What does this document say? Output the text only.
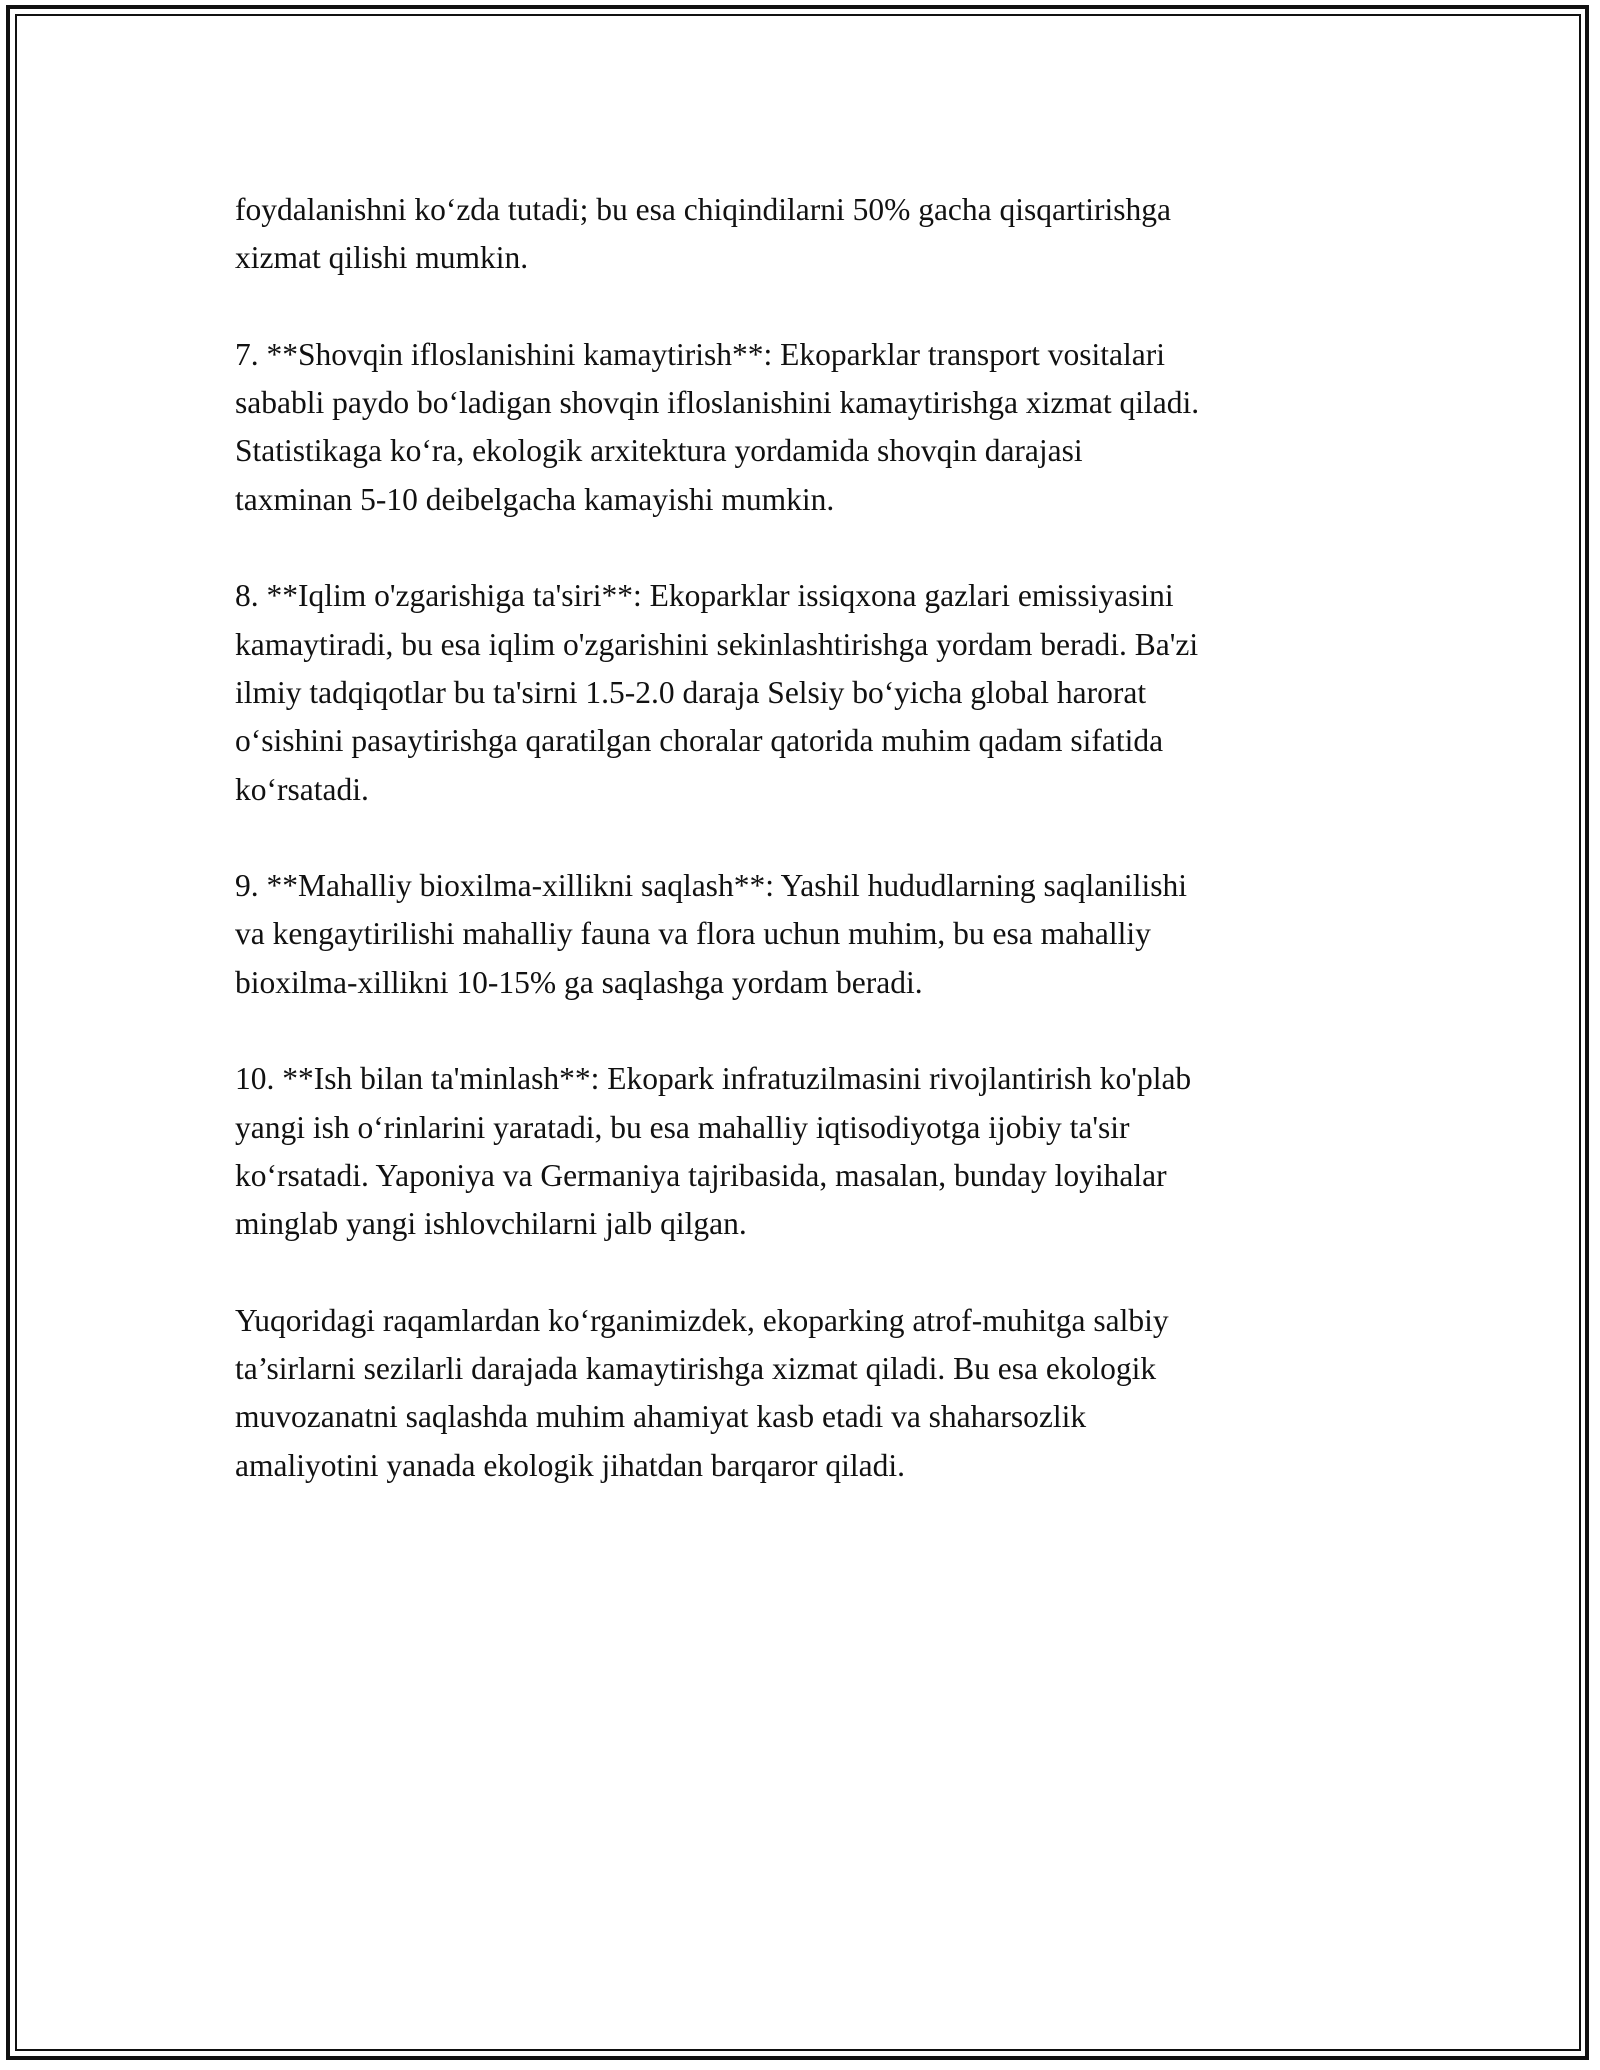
foydalanishni ko‘zda tutadi; bu esa chiqindilarni 50% gacha qisqartirishga
xizmat qilishi mumkin.

7. **Shovqin ifloslanishini kamaytirish**: Ekoparklar transport vositalari
sababli paydo bo‘ladigan shovqin ifloslanishini kamaytirishga xizmat qiladi.
Statistikaga ko‘ra, ekologik arxitektura yordamida shovqin darajasi
taxminan 5-10 deibelgacha kamayishi mumkin.

8. **Iqlim o'zgarishiga ta'siri**: Ekoparklar issiqxona gazlari emissiyasini
kamaytiradi, bu esa iqlim o'zgarishini sekinlashtirishga yordam beradi. Ba'zi
ilmiy tadqiqotlar bu ta'sirni 1.5-2.0 daraja Selsiy bo‘yicha global harorat
o‘sishini pasaytirishga qaratilgan choralar qatorida muhim qadam sifatida
ko‘rsatadi.

9. **Mahalliy bioxilma-xillikni saqlash**: Yashil hududlarning saqlanilishi
va kengaytirilishi mahalliy fauna va flora uchun muhim, bu esa mahalliy
bioxilma-xillikni 10-15% ga saqlashga yordam beradi.

10. **Ish bilan ta'minlash**: Ekopark infratuzilmasini rivojlantirish ko'plab
yangi ish o‘rinlarini yaratadi, bu esa mahalliy iqtisodiyotga ijobiy ta'sir
ko‘rsatadi. Yaponiya va Germaniya tajribasida, masalan, bunday loyihalar
minglab yangi ishlovchilarni jalb qilgan.

Yuqoridagi raqamlardan ko‘rganimizdek, ekoparking atrof-muhitga salbiy
ta’sirlarni sezilarli darajada kamaytirishga xizmat qiladi. Bu esa ekologik
muvozanatni saqlashda muhim ahamiyat kasb etadi va shaharsozlik
amaliyotini yanada ekologik jihatdan barqaror qiladi.
